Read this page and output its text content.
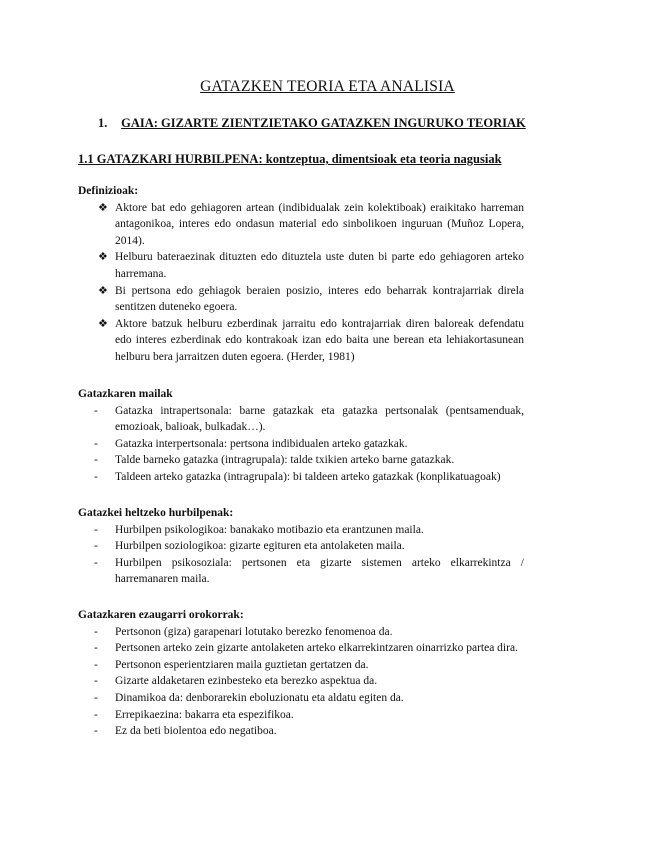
GATAZKEN TEORIA ETA ANALISIA
1. GAIA: GIZARTE ZIENTZIETAKO GATAZKEN INGURUKO TEORIAK
1.1 GATAZKARI HURBILPENA: kontzeptua, dimentsioak eta teoria nagusiak
Definizioak:
❖ Aktore bat edo gehiagoren artean (indibidualak zein kolektiboak) eraikitako harreman antagonikoa, interes edo ondasun material edo sinbolikoen inguruan (Muñoz Lopera, 2014).
❖ Helburu bateraezinak dituzten edo dituztela uste duten bi parte edo gehiagoren arteko harremana.
❖ Bi pertsona edo gehiagok beraien posizio, interes edo beharrak kontrajarriak direla sentitzen duteneko egoera.
❖ Aktore batzuk helburu ezberdinak jarraitu edo kontrajarriak diren baloreak defendatu edo interes ezberdinak edo kontrakoak izan edo baita une berean eta lehiakortasunean helburu bera jarraitzen duten egoera. (Herder, 1981)
Gatazkaren mailak
- Gatazka intrapertsonala: barne gatazkak eta gatazka pertsonalak (pentsamenduak, emozioak, balioak, bulkadak…).
- Gatazka interpertsonala: pertsona indibidualen arteko gatazkak.
- Talde barneko gatazka (intragrupala): talde txikien arteko barne gatazkak.
- Taldeen arteko gatazka (intragrupala): bi taldeen arteko gatazkak (konplikatuagoak)
Gatazkei heltzeko hurbilpenak:
- Hurbilpen psikologikoa: banakako motibazio eta erantzunen maila.
- Hurbilpen soziologikoa: gizarte egituren eta antolaketen maila.
- Hurbilpen psikosoziala: pertsonen eta gizarte sistemen arteko elkarrekintza / harremanaren maila.
Gatazkaren ezaugarri orokorrak:
- Pertsonon (giza) garapenari lotutako berezko fenomenoa da.
- Pertsonen arteko zein gizarte antolaketen arteko elkarrekintzaren oinarrizko partea dira.
- Pertsonon esperientziaren maila guztietan gertatzen da.
- Gizarte aldaketaren ezinbesteko eta berezko aspektua da.
- Dinamikoa da: denborarekin eboluzionatu eta aldatu egiten da.
- Errepikaezina: bakarra eta espezifikoa.
- Ez da beti biolentoa edo negatiboa.
